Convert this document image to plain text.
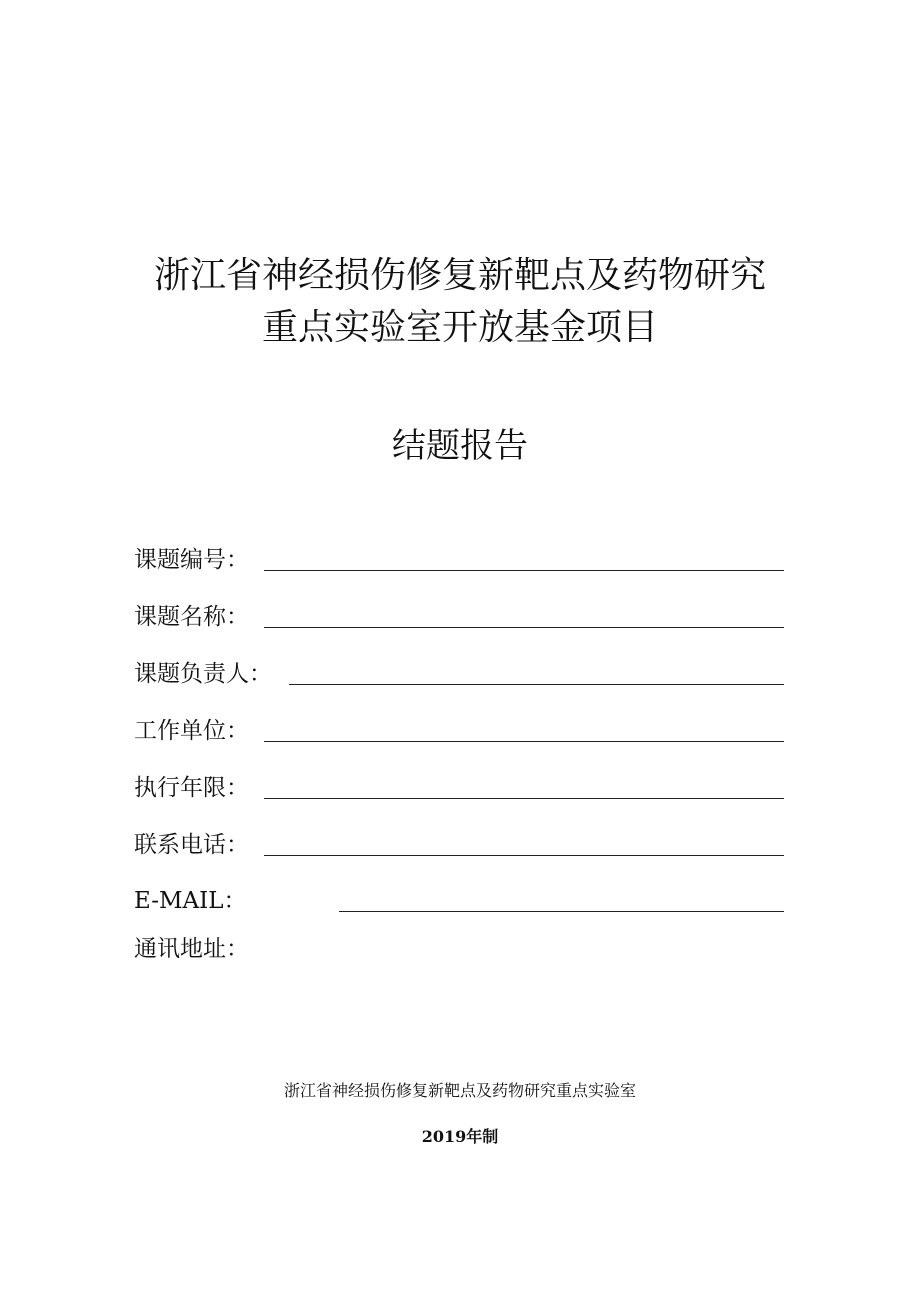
浙江省神经损伤修复新靶点及药物研究
重点实验室开放基金项目
结题报告
课题编号：
课题名称：
课题负责人：
工作单位：
执行年限：
联系电话：
E-MAIL：
通讯地址：
浙江省神经损伤修复新靶点及药物研究重点实验室
2019年制
